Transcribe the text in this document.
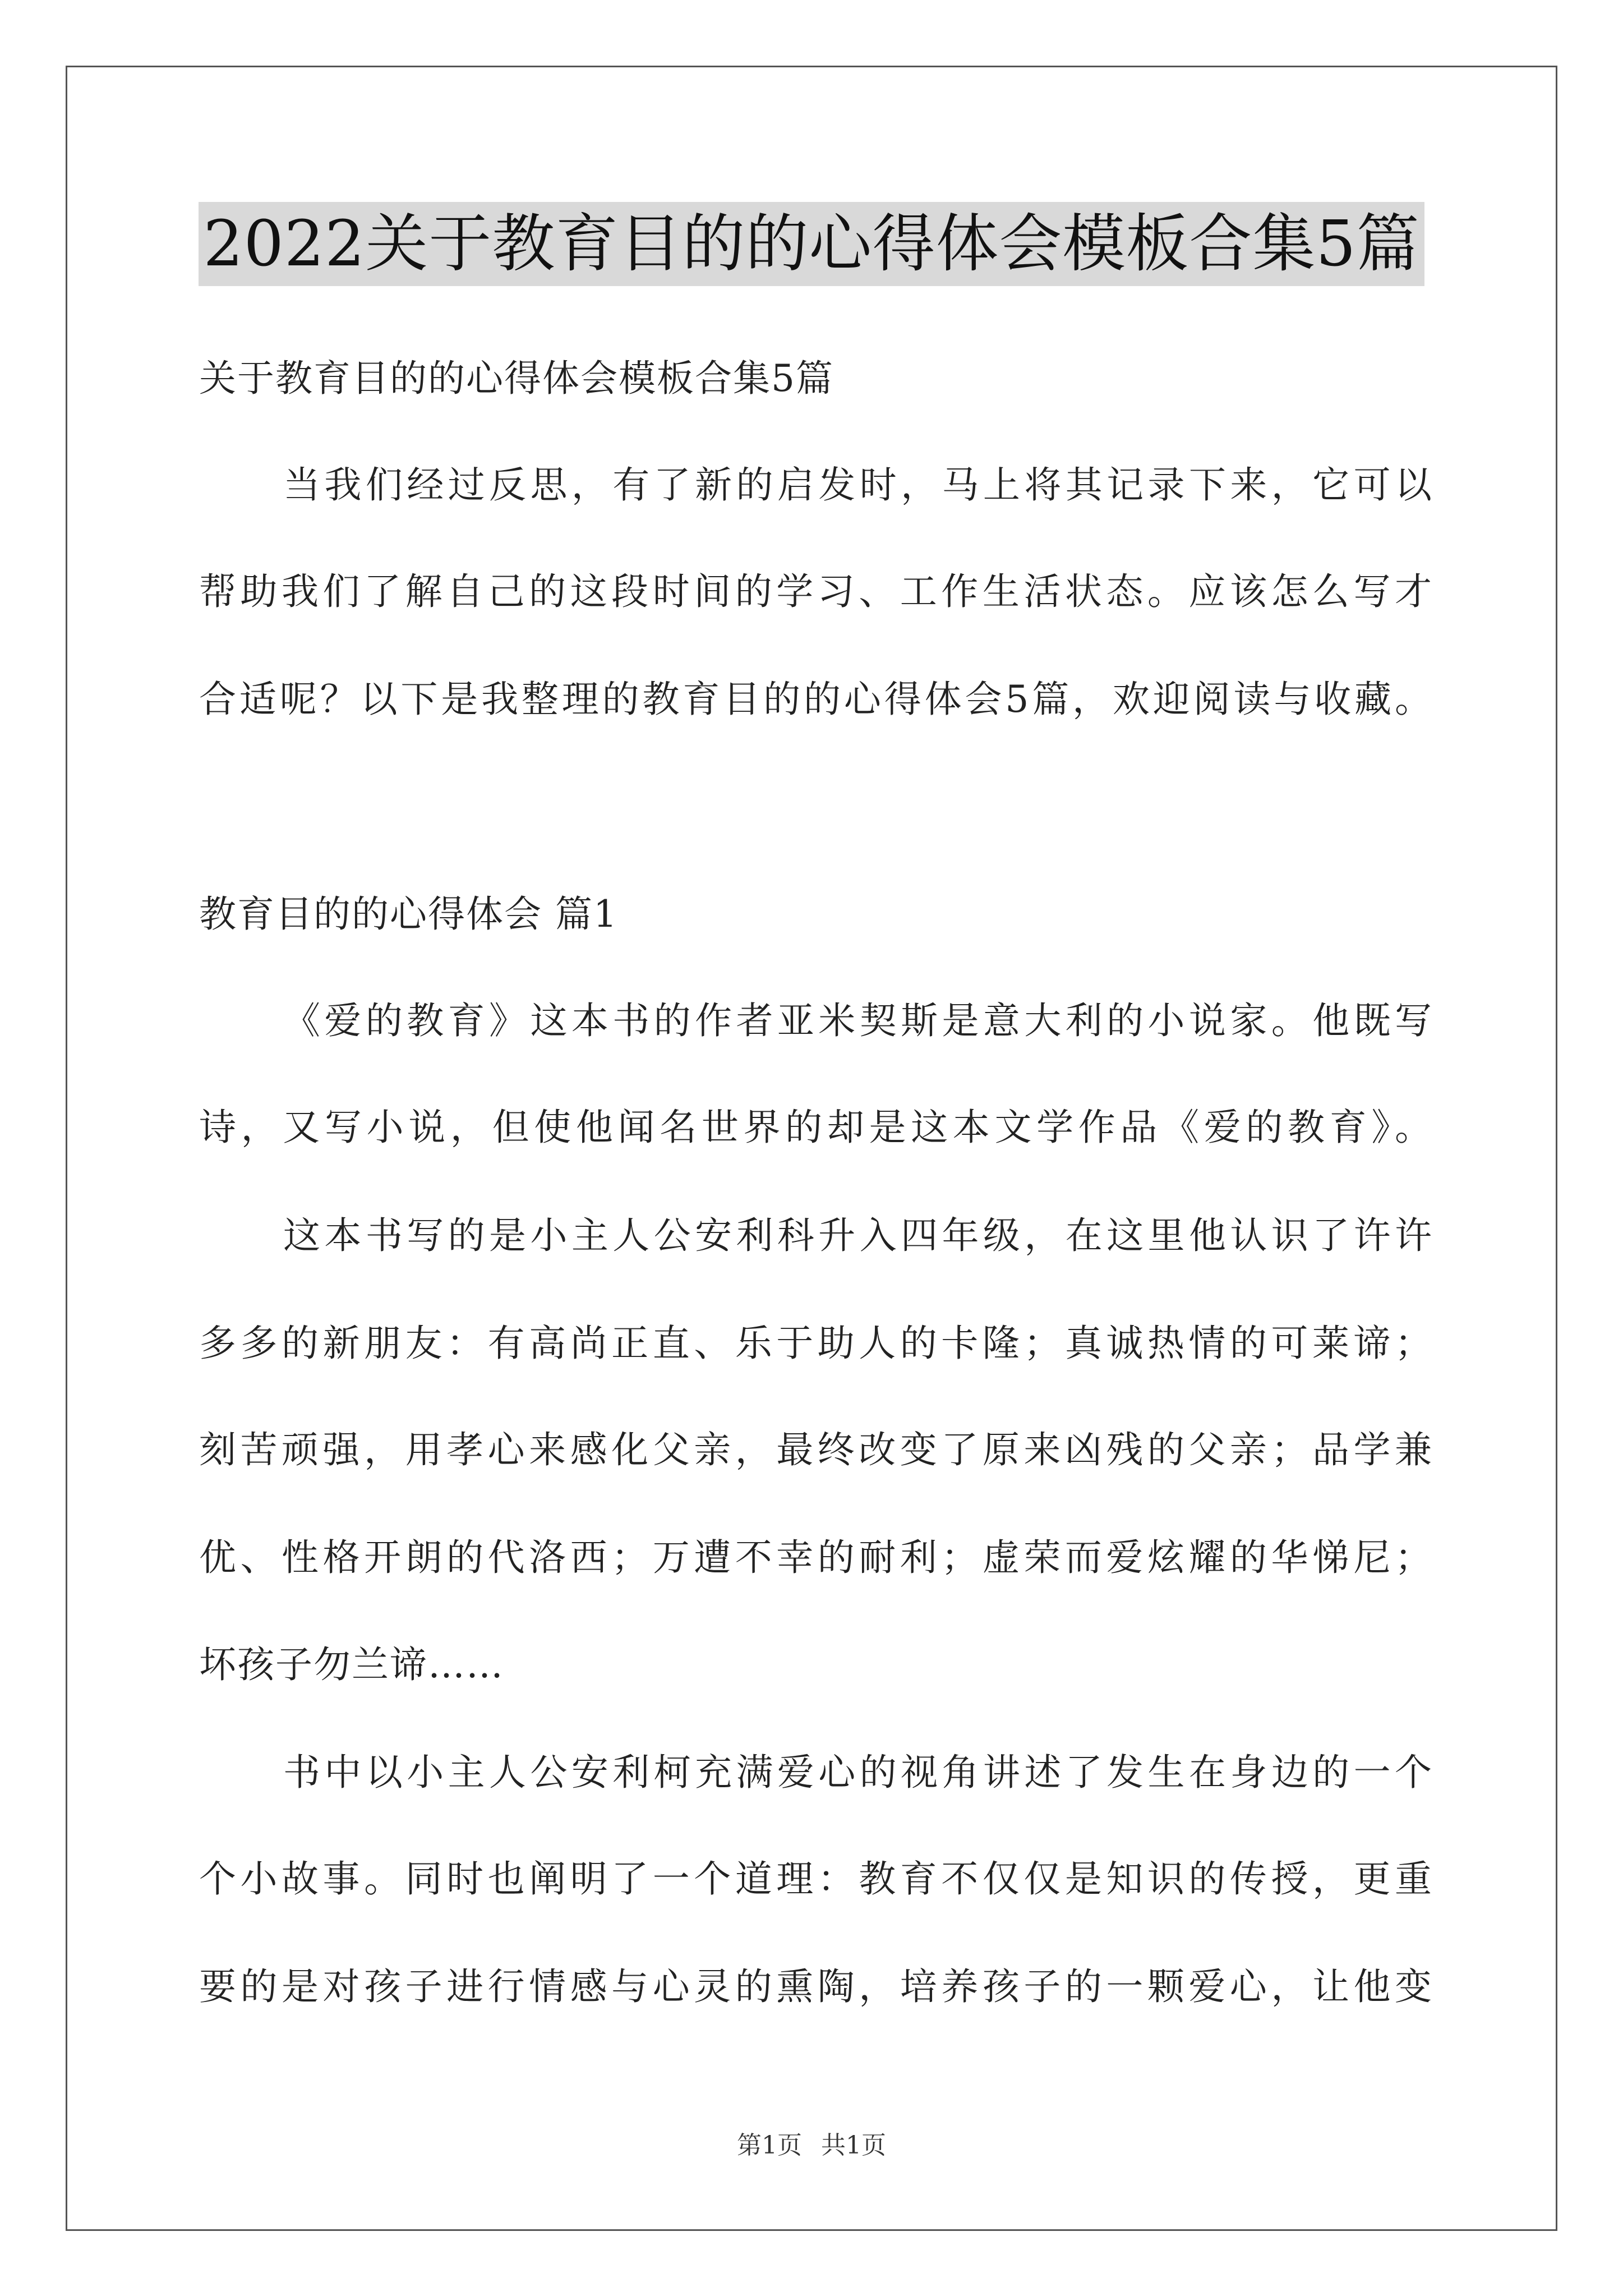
2022关于教育目的的心得体会模板合集5篇
关于教育目的的心得体会模板合集5篇
当我们经过反思，有了新的启发时，马上将其记录下来，它可以
帮助我们了解自己的这段时间的学习、工作生活状态。应该怎么写才
合适呢？以下是我整理的教育目的的心得体会5篇，欢迎阅读与收藏。
教育目的的心得体会 篇1
《爱的教育》这本书的作者亚米契斯是意大利的小说家。他既写
诗，又写小说，但使他闻名世界的却是这本文学作品《爱的教育》。
这本书写的是小主人公安利科升入四年级，在这里他认识了许许
多多的新朋友：有高尚正直、乐于助人的卡隆；真诚热情的可莱谛；
刻苦顽强，用孝心来感化父亲，最终改变了原来凶残的父亲；品学兼
优、性格开朗的代洛西；万遭不幸的耐利；虚荣而爱炫耀的华悌尼；
坏孩子勿兰谛……
书中以小主人公安利柯充满爱心的视角讲述了发生在身边的一个
个小故事。同时也阐明了一个道理：教育不仅仅是知识的传授，更重
要的是对孩子进行情感与心灵的熏陶，培养孩子的一颗爱心，让他变
第1页 共1页
